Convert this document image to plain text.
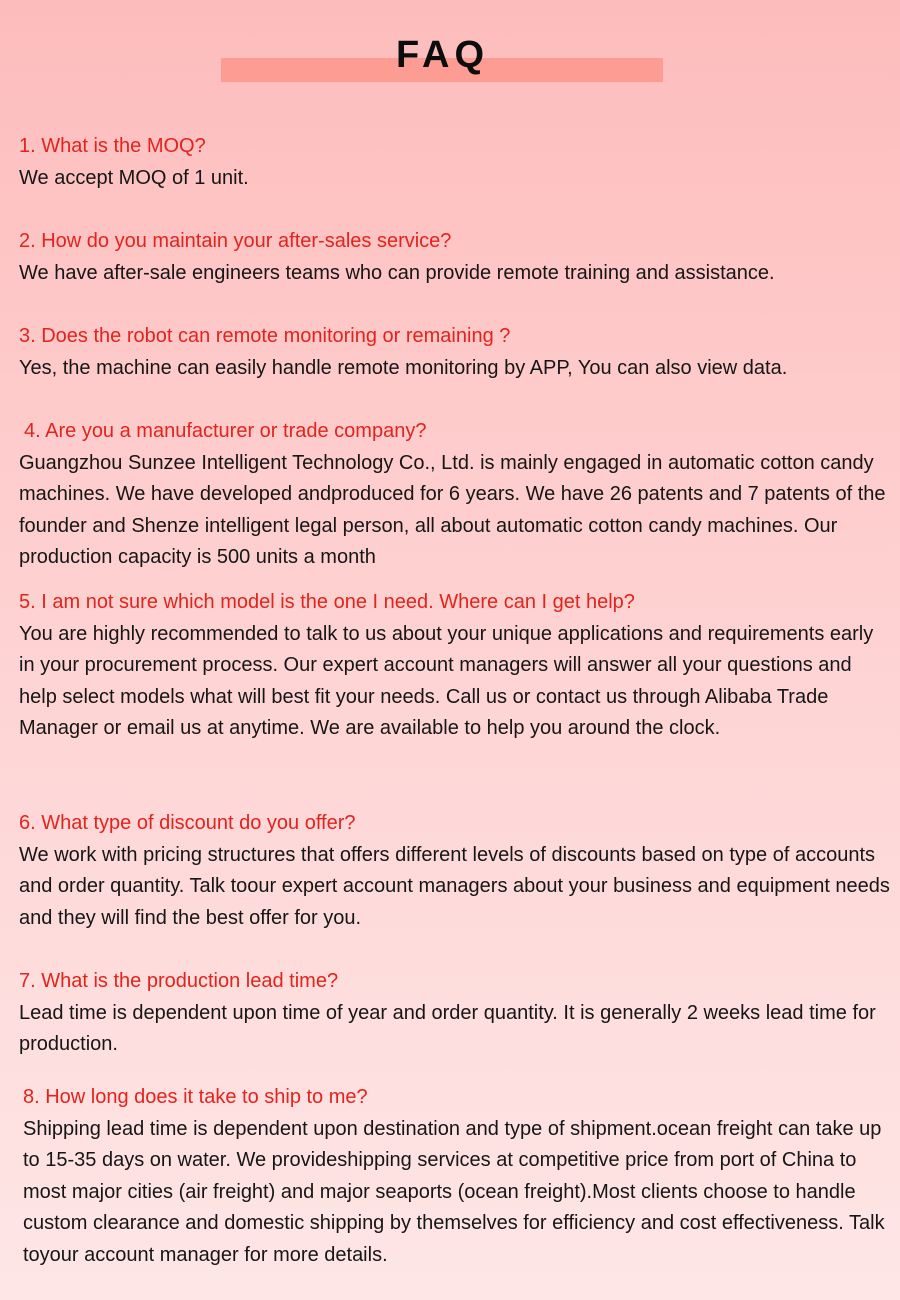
FAQ
1. What is the MOQ?
We accept MOQ of 1 unit.
2. How do you maintain your after-sales service?
We have after-sale engineers teams who can provide remote training and assistance.
3. Does the robot can remote monitoring or remaining ?
Yes, the machine can easily handle remote monitoring by APP, You can also view data.
4. Are you a manufacturer or trade company?
Guangzhou Sunzee Intelligent Technology Co., Ltd. is mainly engaged in automatic cotton candy machines. We have developed andproduced for 6 years. We have 26 patents and 7 patents of the founder and Shenze intelligent legal person, all about automatic cotton candy machines. Our production capacity is 500 units a month
5. I am not sure which model is the one I need. Where can I get help?
You are highly recommended to talk to us about your unique applications and requirements early in your procurement process. Our expert account managers will answer all your questions and help select models what will best fit your needs. Call us or contact us through Alibaba Trade Manager or email us at anytime. We are available to help you around the clock.
6. What type of discount do you offer?
We work with pricing structures that offers different levels of discounts based on type of accounts and order quantity. Talk toour expert account managers about your business and equipment needs and they will find the best offer for you.
7. What is the production lead time?
Lead time is dependent upon time of year and order quantity. It is generally 2 weeks lead time for production.
8. How long does it take to ship to me?
Shipping lead time is dependent upon destination and type of shipment.ocean freight can take up to 15-35 days on water. We provideshipping services at competitive price from port of China to most major cities (air freight) and major seaports (ocean freight).Most clients choose to handle custom clearance and domestic shipping by themselves for efficiency and cost effectiveness. Talk toyour account manager for more details.
